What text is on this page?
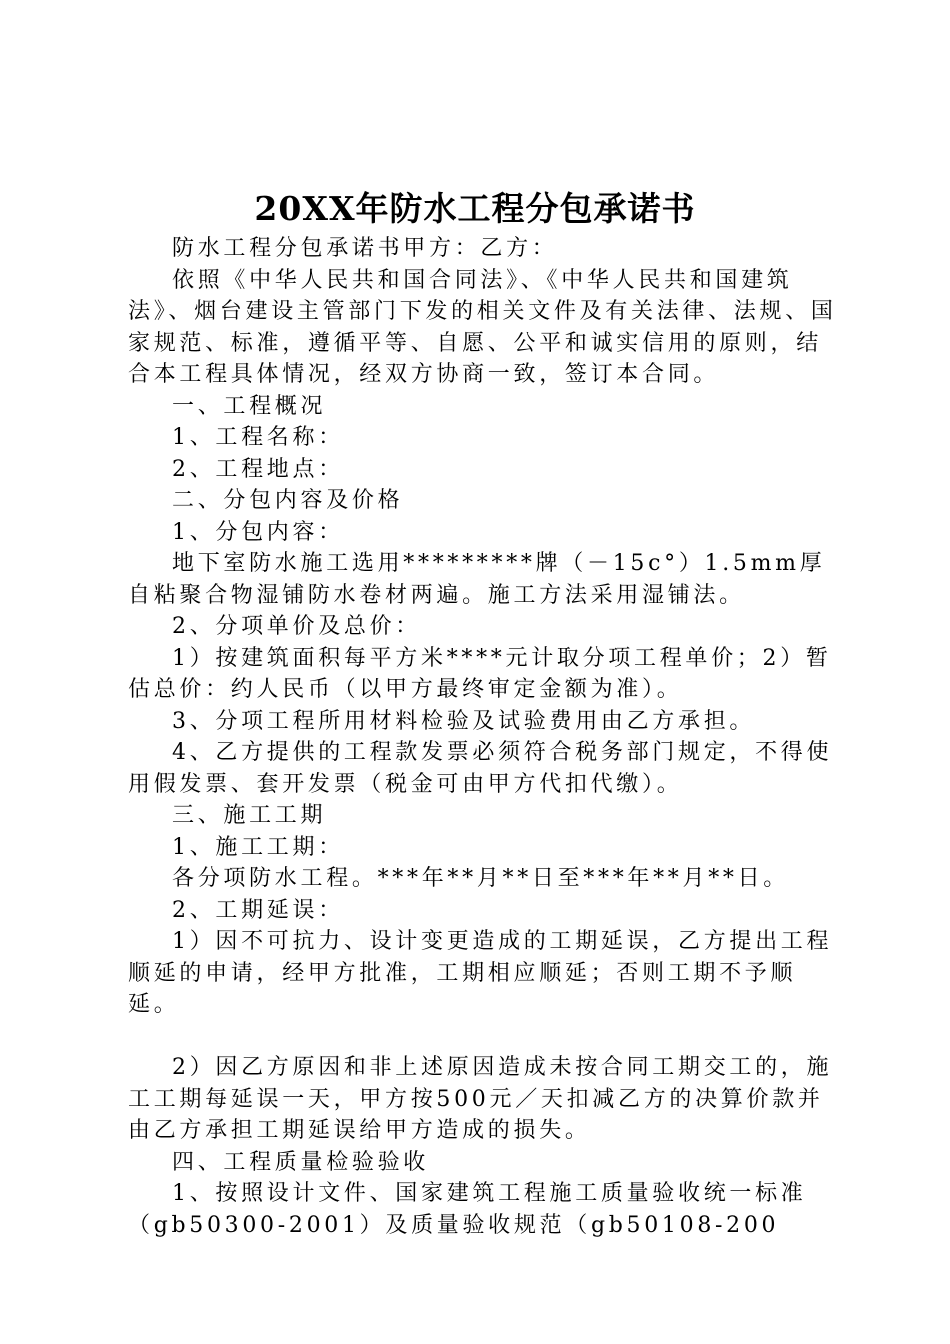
20XX年防水工程分包承诺书

防水工程分包承诺书甲方：乙方：

依照《中华人民共和国合同法》、《中华人民共和国建筑法》、烟台建设主管部门下发的相关文件及有关法律、法规、国家规范、标准，遵循平等、自愿、公平和诚实信用的原则，结合本工程具体情况，经双方协商一致，签订本合同。

一、工程概况

1、工程名称：

2、工程地点：

二、分包内容及价格

1、分包内容：

地下室防水施工选用*********牌（－15c°）1.5mm厚自粘聚合物湿铺防水卷材两遍。施工方法采用湿铺法。

2、分项单价及总价：

1）按建筑面积每平方米****元计取分项工程单价；2）暂估总价：约人民币（以甲方最终审定金额为准）。

3、分项工程所用材料检验及试验费用由乙方承担。

4、乙方提供的工程款发票必须符合税务部门规定，不得使用假发票、套开发票（税金可由甲方代扣代缴）。

三、施工工期

1、施工工期：

各分项防水工程。***年**月**日至***年**月**日。

2、工期延误：

1）因不可抗力、设计变更造成的工期延误，乙方提出工程顺延的申请，经甲方批准，工期相应顺延；否则工期不予顺延。

2）因乙方原因和非上述原因造成未按合同工期交工的，施工工期每延误一天，甲方按500元／天扣减乙方的决算价款并由乙方承担工期延误给甲方造成的损失。

四、工程质量检验验收

1、按照设计文件、国家建筑工程施工质量验收统一标准（gb50300-2001）及质量验收规范（gb50108-200
